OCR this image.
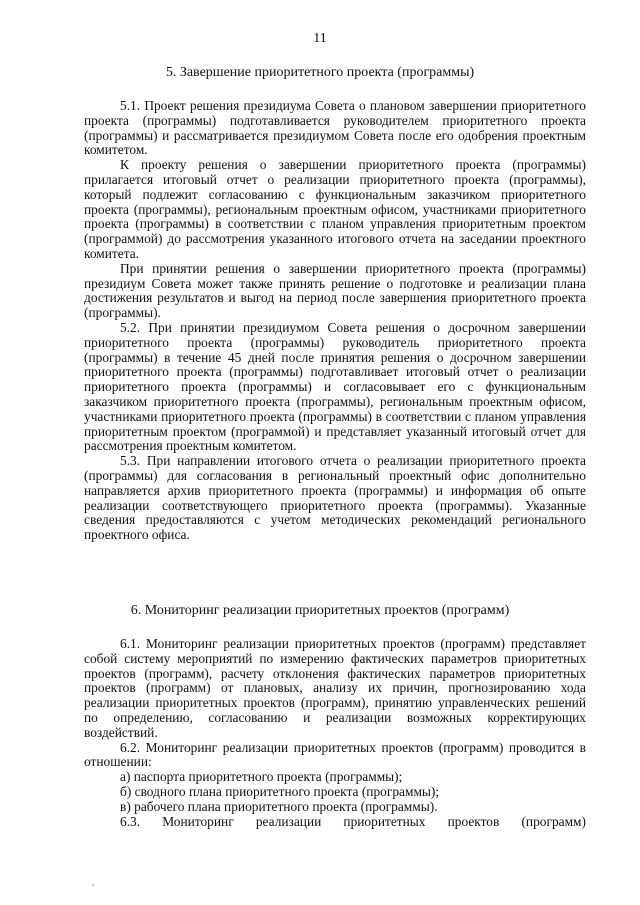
11
5. Завершение приоритетного проекта (программы)

5.1. Проект решения президиума Совета о плановом завершении приоритетного проекта (программы) подготавливается руководителем приоритетного проекта (программы) и рассматривается президиумом Совета после его одобрения проектным комитетом.

К проекту решения о завершении приоритетного проекта (программы) прилагается итоговый отчет о реализации приоритетного проекта (программы), который подлежит согласованию с функциональным заказчиком приоритетного проекта (программы), региональным проектным офисом, участниками приоритетного проекта (программы) в соответствии с планом управления приоритетным проектом (программой) до рассмотрения указанного итогового отчета на заседании проектного комитета.

При принятии решения о завершении приоритетного проекта (программы) президиум Совета может также принять решение о подготовке и реализации плана достижения результатов и выгод на период после завершения приоритетного проекта (программы).

5.2. При принятии президиумом Совета решения о досрочном завершении приоритетного проекта (программы) руководитель приоритетного проекта (программы) в течение 45 дней после принятия решения о досрочном завершении приоритетного проекта (программы) подготавливает итоговый отчет о реализации приоритетного проекта (программы) и согласовывает его с функциональным заказчиком приоритетного проекта (программы), региональным проектным офисом, участниками приоритетного проекта (программы) в соответствии с планом управления приоритетным проектом (программой) и представляет указанный итоговый отчет для рассмотрения проектным комитетом.

5.3. При направлении итогового отчета о реализации приоритетного проекта (программы) для согласования в региональный проектный офис дополнительно направляется архив приоритетного проекта (программы) и информация об опыте реализации соответствующего приоритетного проекта (программы). Указанные сведения предоставляются с учетом методических рекомендаций регионального проектного офиса.

6. Мониторинг реализации приоритетных проектов (программ)

6.1. Мониторинг реализации приоритетных проектов (программ) представляет собой систему мероприятий по измерению фактических параметров приоритетных проектов (программ), расчету отклонения фактических параметров приоритетных проектов (программ) от плановых, анализу их причин, прогнозированию хода реализации приоритетных проектов (программ), принятию управленческих решений по определению, согласованию и реализации возможных корректирующих воздействий.

6.2. Мониторинг реализации приоритетных проектов (программ) проводится в отношении:

а) паспорта приоритетного проекта (программы);

б) сводного плана приоритетного проекта (программы);

в) рабочего плана приоритетного проекта (программы).

6.3. Мониторинг реализации приоритетных проектов (программ)
